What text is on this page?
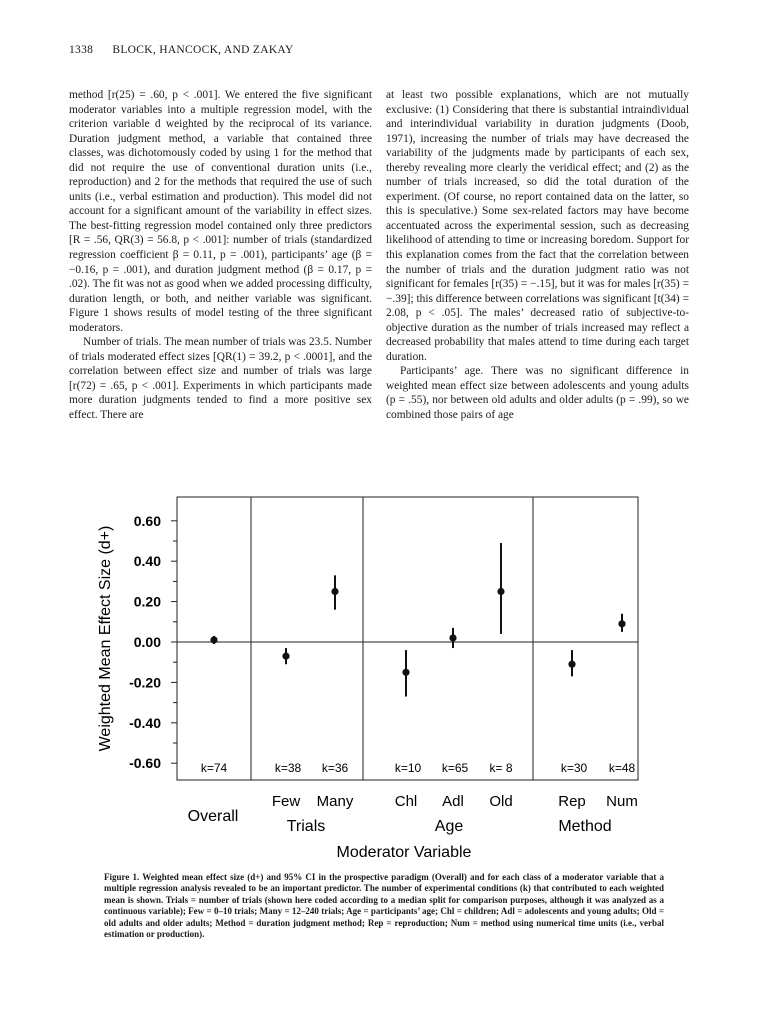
1338 BLOCK, HANCOCK, AND ZAKAY

method [r(25) = .60, p < .001]. We entered the five significant moderator variables into a multiple regression model, with the criterion variable d weighted by the reciprocal of its variance. Duration judgment method, a variable that contained three classes, was dichotomously coded by using 1 for the method that did not require the use of conventional duration units (i.e., reproduction) and 2 for the methods that required the use of such units (i.e., verbal estimation and production). This model did not account for a significant amount of the variability in effect sizes. The best-fitting regression model contained only three predictors [R = .56, QR(3) = 56.8, p < .001]: number of trials (standardized regression coefficient β = 0.11, p = .001), participants’ age (β = −0.16, p = .001), and duration judgment method (β = 0.17, p = .02). The fit was not as good when we added processing difficulty, duration length, or both, and neither variable was significant. Figure 1 shows results of model testing of the three significant moderators.

Number of trials. The mean number of trials was 23.5. Number of trials moderated effect sizes [QR(1) = 39.2, p < .0001], and the correlation between effect size and number of trials was large [r(72) = .65, p < .001]. Experiments in which participants made more duration judgments tended to find a more positive sex effect. There are

at least two possible explanations, which are not mutually exclusive: (1) Considering that there is substantial intraindividual and interindividual variability in duration judgments (Doob, 1971), increasing the number of trials may have decreased the variability of the judgments made by participants of each sex, thereby revealing more clearly the veridical effect; and (2) as the number of trials increased, so did the total duration of the experiment. (Of course, no report contained data on the latter, so this is speculative.) Some sex-related factors may have become accentuated across the experimental session, such as decreasing likelihood of attending to time or increasing boredom. Support for this explanation comes from the fact that the correlation between the number of trials and the duration judgment ratio was not significant for females [r(35) = −.15], but it was for males [r(35) = −.39]; this difference between correlations was significant [t(34) = 2.08, p < .05]. The males’ decreased ratio of subjective-to-objective duration as the number of trials increased may reflect a decreased probability that males attend to time during each target duration.

Participants’ age. There was no significant difference in weighted mean effect size between adolescents and young adults (p = .55), nor between old adults and older adults (p = .99), so we combined those pairs of age

Weighted Mean Effect Size (d+)
0.60
0.40
0.20
0.00
-0.20
-0.40
-0.60
Overall
k=74
Trials
k=38
Few
k=36
Many
Age
k=10
Chl
k=65
Adl
k= 8
Old
Method
k=30
Rep
k=48
Num
Moderator Variable
Figure 1. Weighted mean effect size (d+) and 95% CI in the prospective paradigm (Overall) and for each class of a moderator variable that a multiple regression analysis revealed to be an important predictor. The number of experimental conditions (k) that contributed to each weighted mean is shown. Trials = number of trials (shown here coded according to a median split for comparison purposes, although it was analyzed as a continuous variable); Few = 0–10 trials; Many = 12–240 trials; Age = participants’ age; Chl = children; Adl = adolescents and young adults; Old = old adults and older adults; Method = duration judgment method; Rep = reproduction; Num = method using numerical time units (i.e., verbal estimation or production).
